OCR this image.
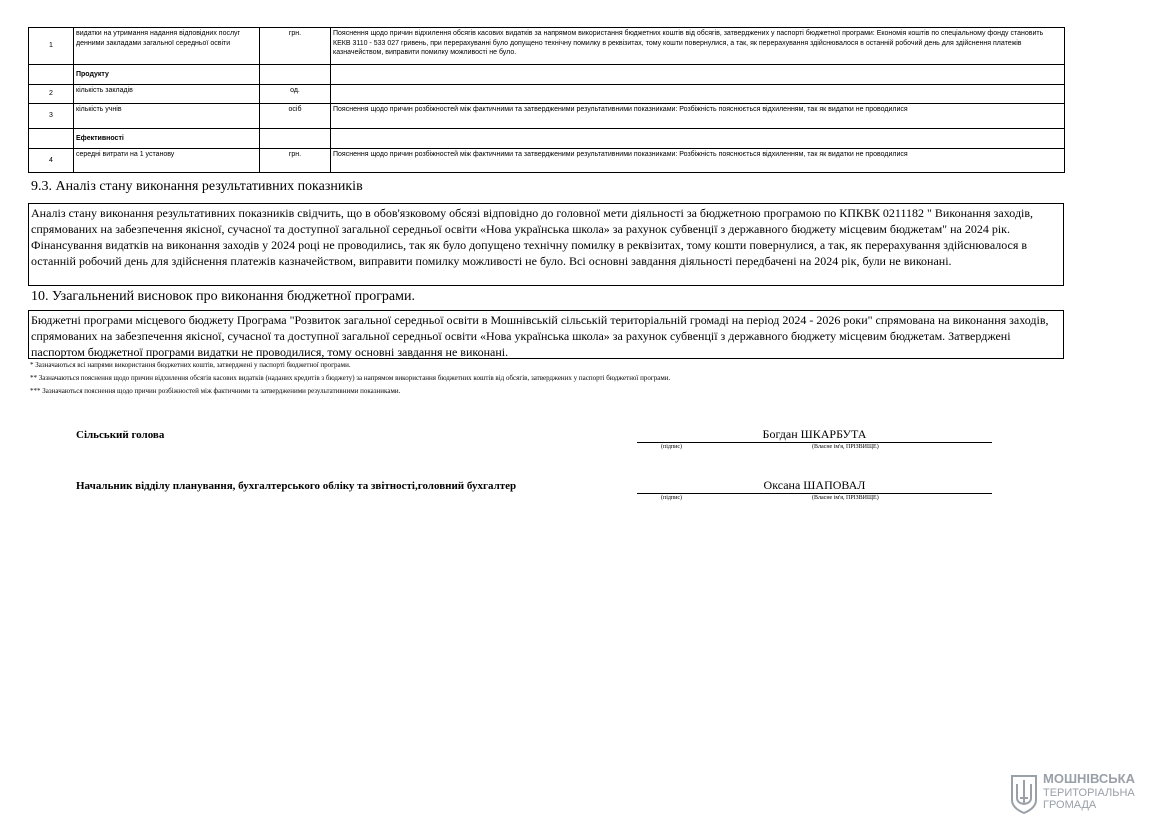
1	видатки на утримання надання відповідних послуг денними закладами загальної середньої освіти	грн.	Пояснення щодо причин відхилення обсягів касових видатків за напрямом використання бюджетних коштів від обсягів, затверджених у паспорті бюджетної програми: Економія коштів по спеціальному фонду становить КЕКВ 3110 - 533 027 гривень, при перерахуванні було допущено технічну помилку в реквізитах, тому кошти повернулися, а так, як перерахування здійснювалося в останній робочий день для здійснення платежів казначейством, виправити помилку можливості не було.
	Продукту		
2	кількість закладів	од.	
3	кількість учнів	осіб	Пояснення щодо причин розбіжностей між фактичними та затвердженими результативними показниками: Розбіжність пояснюється відхиленням, так як видатки не проводилися
	Ефективності		
4	середні витрати на 1 установу	грн.	Пояснення щодо причин розбіжностей між фактичними та затвердженими результативними показниками: Розбіжність пояснюється відхиленням, так як видатки не проводилися
9.3. Аналіз стану виконання результативних показників
Аналіз стану виконання результативних показників свідчить, що в обов'язковому обсязі відповідно до головної мети діяльності за бюджетною програмою по КПКВК 0211182 " Виконання заходів, спрямованих на забезпечення якісної, сучасної та доступної загальної середньої освіти «Нова українська школа» за рахунок субвенції з державного бюджету місцевим бюджетам" на 2024 рік. Фінансування видатків на виконання заходів у 2024 році не проводились, так як було допущено технічну помилку в реквізитах, тому кошти повернулися, а так, як перерахування здійснювалося в останній робочий день для здійснення платежів казначейством, виправити помилку можливості не було. Всі основні завдання діяльності передбачені на 2024 рік, були не виконані.
10. Узагальнений висновок про виконання бюджетної програми.
Бюджетні програми місцевого бюджету Програма "Розвиток загальної середньої освіти в Мошнівській сільській територіальній громаді на період 2024 - 2026 роки" спрямована на виконання заходів, спрямованих на забезпечення якісної, сучасної та доступної загальної середньої освіти «Нова українська школа» за рахунок субвенції з державного бюджету місцевим бюджетам. Затверджені паспортом бюджетної програми видатки не проводилися, тому основні завдання не виконані.
* Зазначаються всі напрями використання бюджетних коштів, затверджені у паспорті бюджетної програми.
** Зазначаються пояснення щодо причин відхилення обсягів касових видатків (наданих кредитів з бюджету) за напрямом використання бюджетних коштів від обсягів, затверджених у паспорті бюджетної програми.
*** Зазначаються пояснення щодо причин розбіжностей між фактичними та затвердженими результативними показниками.
Сільський голова	Богдан ШКАРБУТА
(підпис)	(Власне ім'я, ПРІЗВИЩЕ)
Начальник відділу планування, бухгалтерського обліку та звітності,головний бухгалтер	Оксана ШАПОВАЛ
(підпис)	(Власне ім'я, ПРІЗВИЩЕ)
МОШНІВСЬКА
ТЕРИТОРІАЛЬНА
ГРОМАДА
